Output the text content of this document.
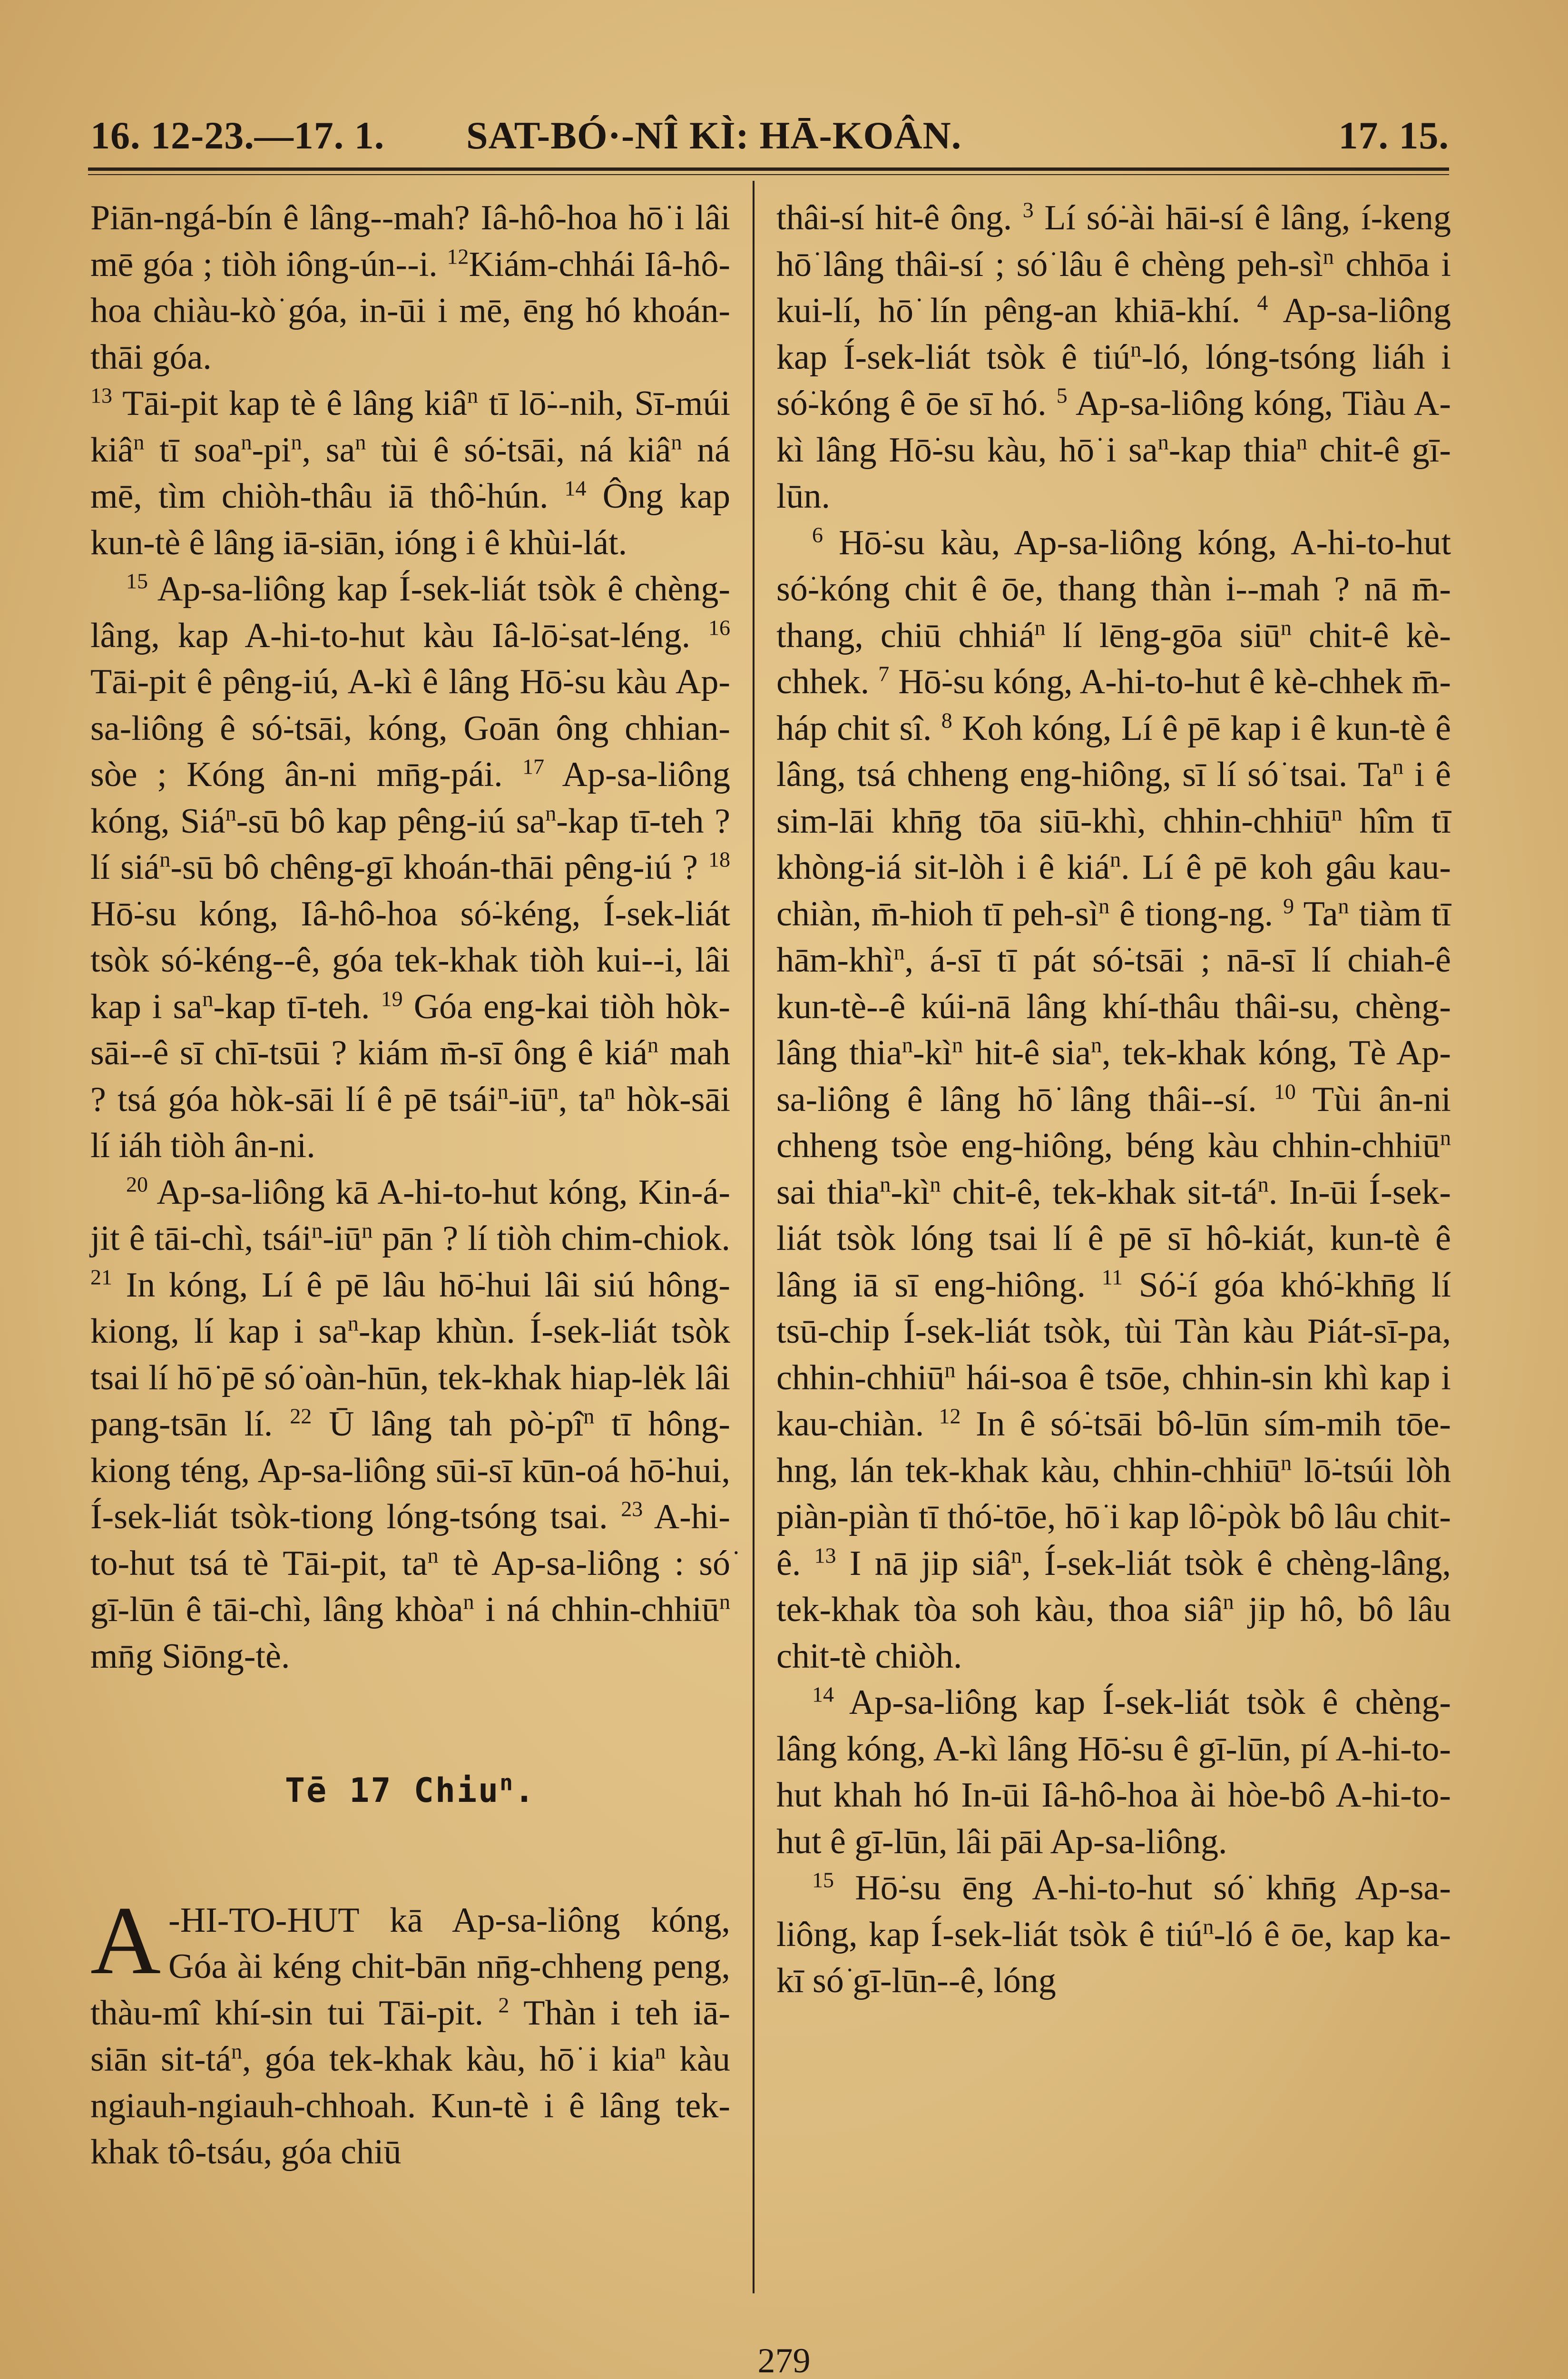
16. 12-23.—17. 1. SAT-BÓ·-NÎ KÌ: HĀ-KOÂN.	17. 15.

Piān-ngá-bín ê lâng--mah? Iâ-hô-hoa hō͘ i lâi mē góa ; tiòh iông-ún--i. $^{12}$Kiám-chhái Iâ-hô-hoa chiàu-kò͘ góa, in-ūi i mē, ēng hó khoán-thāi góa.

$^{13}$ Tāi-pit kap tè ê lâng kiâ$^n$ tī lō͘--nih, Sī-múi kiâ$^n$ tī $soa^n-pi^n$, $sa^n$ tùi ê só͘-tsāi, ná kiâ$^n$ ná mē, tìm chiòh-thâu iā thô͘-hún. $^{14}$ Ông kap kun-tè ê lâng iā-siān, ióng i ê khùi-lát.

$^{15}$ Ap-sa-liông kap Í-sek-liát tsòk ê chèng-lâng, kap A-hi-to-hut kàu Iâ-lō͘-sat-léng. $^{16}$ Tāi-pit ê pêng-iú, A-kì ê lâng Hō͘-su kàu Ap-sa-liông ê só͘-tsāi, kóng, Goān ông chhian-sòe ; Kóng ân-ni mn̄g-pái. $^{17}$ Ap-sa-liông kóng, Siá$^n$-sū bô kap pêng-iú $sa^n$-kap tī-teh ? lí siá$^n$-sū bô chêng-gī khoán-thāi pêng-iú ? $^{18}$ Hō͘-su kóng, Iâ-hô-hoa só͘-kéng, Í-sek-liát tsòk só͘-kéng--ê, góa tek-khak tiòh kui--i, lâi kap i $sa^n$-kap tī-teh. $^{19}$ Góa eng-kai tiòh hòk-sāi--ê sī chī-tsūi ? kiám m̄-sī ông ê kiá$^n$ mah ? tsá góa hòk-sāi lí ê pē $tsái^n-iū^n$, $ta^n$ hòk-sāi lí iáh tiòh ân-ni.

$^{20}$ Ap-sa-liông kā A-hi-to-hut kóng, Kin-á-jit ê tāi-chì, $tsái^n-iū^n$ pān ? lí tiòh chim-chiok. $^{21}$ In kóng, Lí ê pē lâu hō͘-hui lâi siú hông-kiong, lí kap i $sa^n$-kap khùn. Í-sek-liát tsòk tsai lí hō͘ pē só͘ oàn-hūn, tek-khak hiap-lėk lâi pang-tsān lí. $^{22}$ Ū lâng tah $pò͘-pî^n$ tī hông-kiong téng, Ap-sa-liông sūi-sī kūn-oá hō͘-hui, Í-sek-liát tsòk-tiong lóng-tsóng tsai. $^{23}$ A-hi-to-hut tsá tè Tāi-pit, $ta^n$ tè Ap-sa-liông : só͘ gī-lūn ê tāi-chì, lâng khòa$^n$ i ná chhin-chhiū$^n$ mn̄g Siōng-tè.

Tē 17 Chiu$^n$.

A -HI-TO-HUT kā Ap-sa-liông kóng, Góa ài kéng chit-bān nn̄g-chheng peng, thàu-mî khí-sin tui Tāi-pit. $^2$ Thàn i teh iā-siān sit-$tá^n$, góa tek-khak kàu, hō͘ i kia$^n$ kàu ngiauh-ngiauh-chhoah. Kun-tè i ê lâng tek-khak tô-tsáu, góa chiū

thâi-sí hit-ê ông. $^3$ Lí só͘-ài hāi-sí ê lâng, í-keng hō͘ lâng thâi-sí ; só͘ lâu ê chèng peh-$sì^n$ chhōa i kui-lí, hō͘ lín pêng-an khiā-khí. $^4$ Ap-sa-liông kap Í-sek-liát tsòk ê tiú$^n$-ló, lóng-tsóng liáh i só͘-kóng ê ōe sī hó. $^5$ Ap-sa-liông kóng, Tiàu A-kì lâng Hō͘-su kàu, hō͘ i $sa^n$-kap thia$^n$ chit-ê gī-lūn.

$^6$ Hō͘-su kàu, Ap-sa-liông kóng, A-hi-to-hut só͘-kóng chit ê ōe, thang thàn i--mah ? nā m̄-thang, chiū chhiá$^n$ lí lēng-gōa siū$^n$ chit-ê kè-chhek. $^7$ Hō͘-su kóng, A-hi-to-hut ê kè-chhek m̄-háp chit sî. $^8$ Koh kóng, Lí ê pē kap i ê kun-tè ê lâng, tsá chheng eng-hiông, sī lí só͘ tsai. Ta$^n$ i ê sim-lāi khn̄g tōa siū-khì, chhin-chhiū$^n$ hîm tī khòng-iá sit-lòh i ê kiá$^n$. Lí ê pē koh gâu kau-chiàn, m̄-hioh tī peh-$sì^n$ ê tiong-ng. $^9$ Ta$^n$ tiàm tī hām-khì$^n$, á-sī tī pát só͘-tsāi ; nā-sī lí chiah-ê kun-tè--ê kúi-nā lâng khí-thâu thâi-su, chèng-lâng $thia^n-kì^n$ hit-ê sia$^n$, tek-khak kóng, Tè Ap-sa-liông ê lâng hō͘ lâng thâi--sí. $^{10}$ Tùi ân-ni chheng tsòe eng-hiông, béng kàu chhin-chhiū$^n$ sai $thia^n-kì^n$ chit-ê, tek-khak sit-$tá^n$. In-ūi Í-sek-liát tsòk lóng tsai lí ê pē sī hô-kiát, kun-tè ê lâng iā sī eng-hiông. $^{11}$ Só͘-í góa khó͘-khn̄g lí tsū-chip Í-sek-liát tsòk, tùi Tàn kàu Piát-sī-pa, chhin-chhiū$^n$ hái-soa ê tsōe, chhin-sin khì kap i kau-chiàn. $^{12}$ In ê só͘-tsāi bô-lūn sím-mih tōe-hng, lán tek-khak kàu, chhin-chhiū$^n$ lō͘-tsúi lòh piàn-piàn tī thó͘-tōe, hō͘ i kap lô͘-pòk bô lâu chit-ê. $^{13}$ I nā jip siâ$^n$, Í-sek-liát tsòk ê chèng-lâng, tek-khak tòa soh kàu, thoa siâ$^n$ jip hô, bô lâu chit-tè chiòh.

$^{14}$ Ap-sa-liông kap Í-sek-liát tsòk ê chèng-lâng kóng, A-kì lâng Hō͘-su ê gī-lūn, pí A-hi-to-hut khah hó In-ūi Iâ-hô-hoa ài hòe-bô A-hi-to-hut ê gī-lūn, lâi pāi Ap-sa-liông.

$^{15}$ Hō͘-su ēng A-hi-to-hut só͘ khn̄g Ap-sa-liông, kap Í-sek-liát tsòk ê tiú$^n$-ló ê ōe, kap ka-kī só͘ gī-lūn--ê, lóng

279
